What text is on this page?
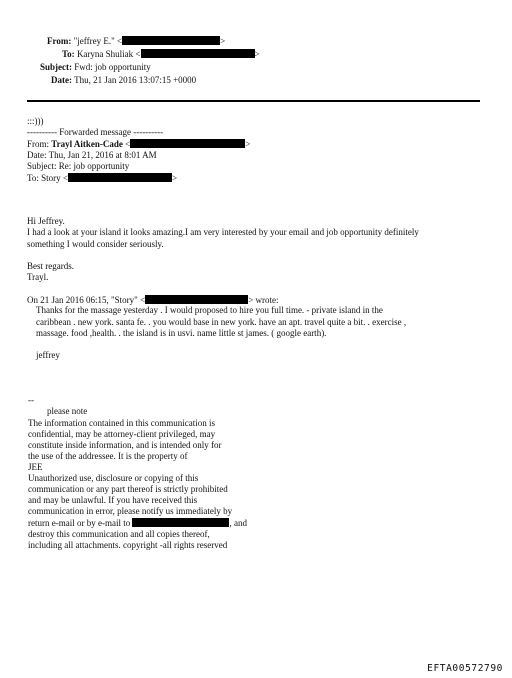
From: "jeffrey E." <	>
To: Karyna Shuliak <	>
Subject: Fwd: job opportunity
Date: Thu, 21 Jan 2016 13:07:15 +0000
:::)))
---------- Forwarded message ----------
From: Trayl Aitken-Cade <	>
Date: Thu, Jan 21, 2016 at 8:01 AM
Subject: Re: job opportunity
To: Story <	>
Hi Jeffrey.
I had a look at your island it looks amazing.I am very interested by your email and job opportunity definitely
something I would consider seriously.
Best regards.
Trayl.
On 21 Jan 2016 06:15, "Story" <	> wrote:
Thanks for the massage yesterday . I would proposed to hire you full time. - private island in the
caribbean . new york. santa fe. . you would base in new york. have an apt. travel quite a bit. . exercise ,
massage. food ,health. . the island is in usvi. name little st james. ( google earth).
jeffrey
--
please note
The information contained in this communication is
confidential, may be attorney-client privileged, may
constitute inside information, and is intended only for
the use of the addressee. It is the property of
JEE
Unauthorized use, disclosure or copying of this
communication or any part thereof is strictly prohibited
and may be unlawful. If you have received this
communication in error, please notify us immediately by
return e-mail or by e-mail to	, and
destroy this communication and all copies thereof,
including all attachments. copyright -all rights reserved
EFTA00572790
